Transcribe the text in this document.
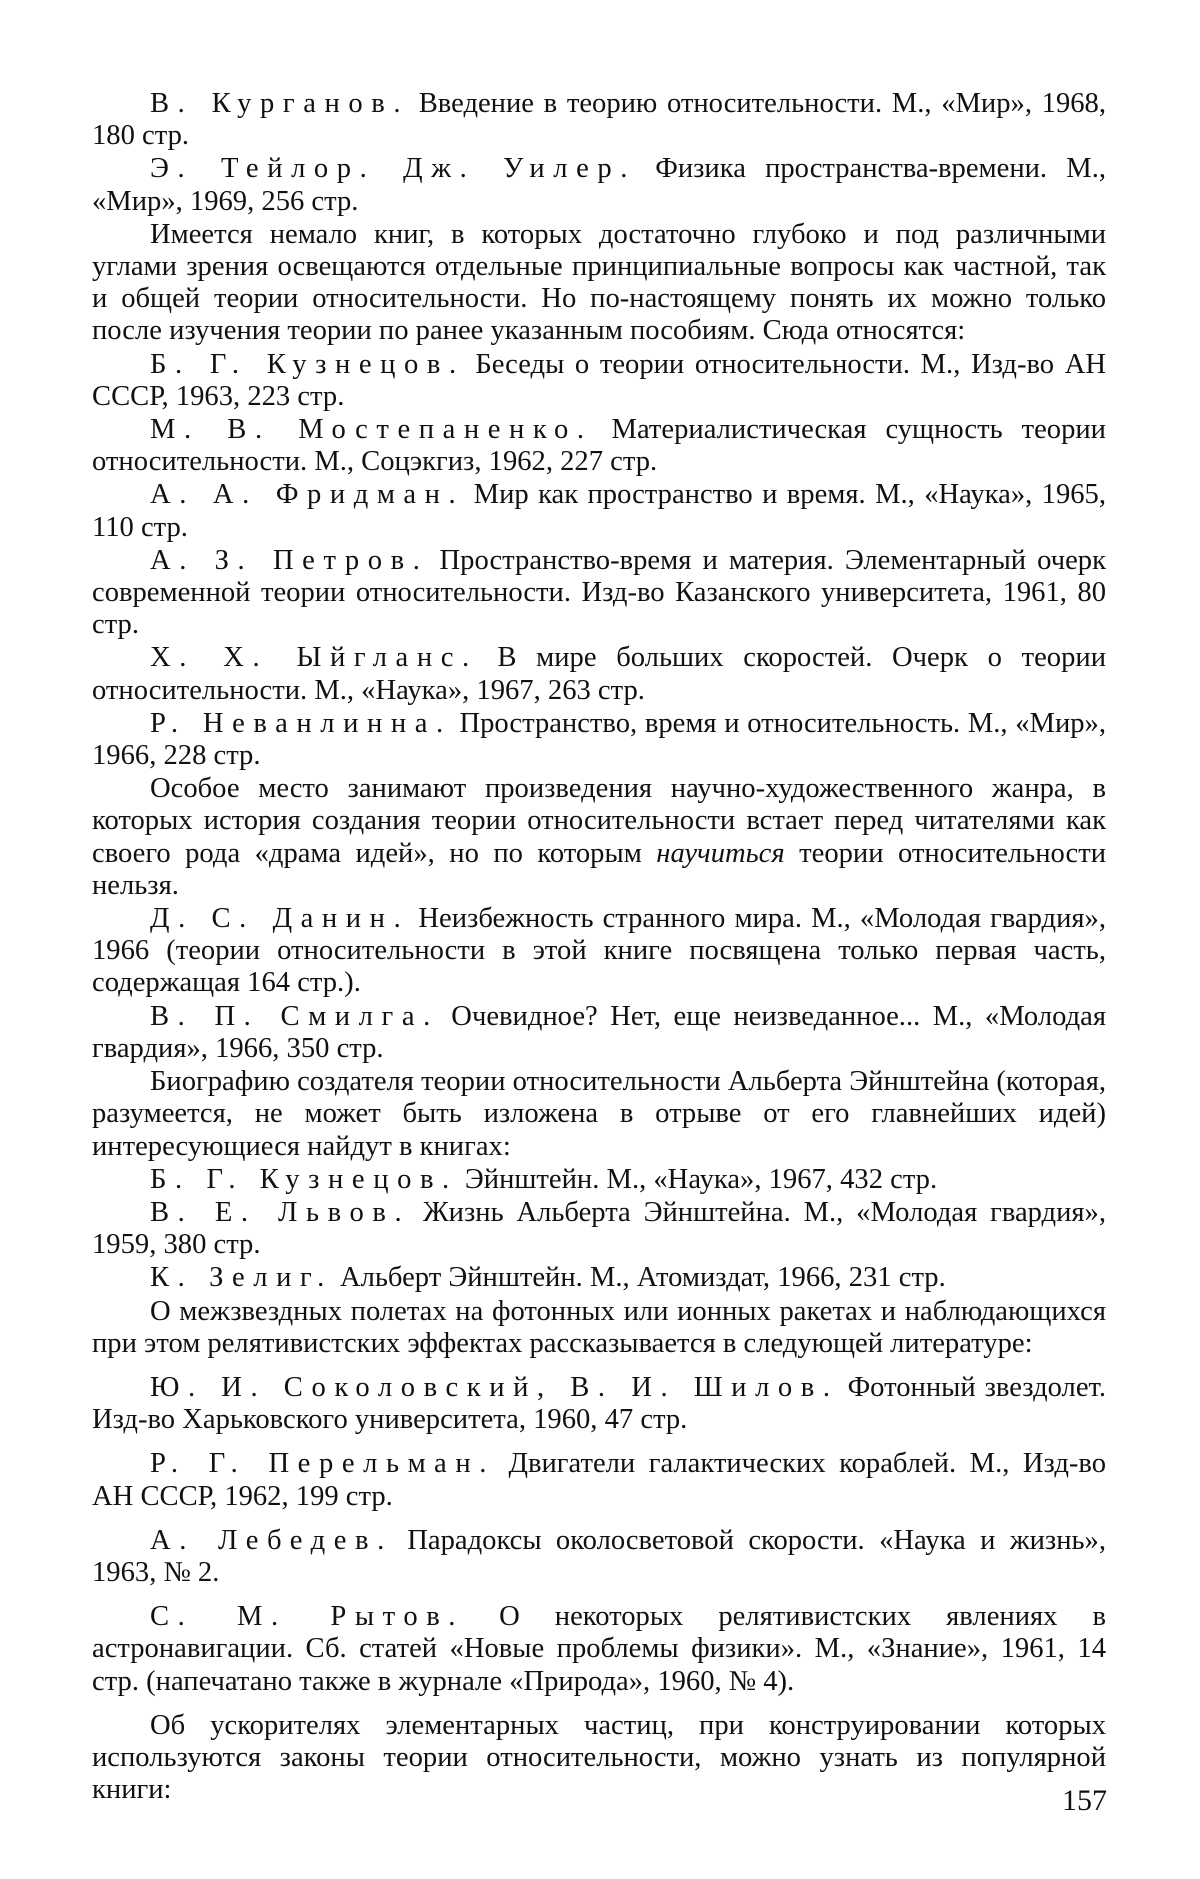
В. Курганов. Введение в теорию относительности. М., «Мир», 1968, 180 стр.

Э. Тейлор. Дж. Уилер. Физика пространства-времени. М., «Мир», 1969, 256 стр.

Имеется немало книг, в которых достаточно глубоко и под различными углами зрения освещаются отдельные принципиальные вопросы как частной, так и общей теории относительности. Но по-настоящему понять их можно только после изучения теории по ранее указанным пособиям. Сюда относятся:

Б. Г. Кузнецов. Беседы о теории относительности. М., Изд-во АН СССР, 1963, 223 стр.

М. В. Мостепаненко. Материалистическая сущность теории относительности. М., Соцэкгиз, 1962, 227 стр.

А. А. Фридман. Мир как пространство и время. М., «Наука», 1965, 110 стр.

А. З. Петров. Пространство-время и материя. Элементарный очерк современной теории относительности. Изд-во Казанского университета, 1961, 80 стр.

Х. Х. Ыйгланс. В мире больших скоростей. Очерк о теории относительности. М., «Наука», 1967, 263 стр.

Р. Неванлинна. Пространство, время и относительность. М., «Мир», 1966, 228 стр.

Особое место занимают произведения научно-художественного жанра, в которых история создания теории относительности встает перед читателями как своего рода «драма идей», но по которым научиться теории относительности нельзя.

Д. С. Данин. Неизбежность странного мира. М., «Молодая гвардия», 1966 (теории относительности в этой книге посвящена только первая часть, содержащая 164 стр.).

В. П. Смилга. Очевидное? Нет, еще неизведанное... М., «Молодая гвардия», 1966, 350 стр.

Биографию создателя теории относительности Альберта Эйнштейна (которая, разумеется, не может быть изложена в отрыве от его главнейших идей) интересующиеся найдут в книгах:

Б. Г. Кузнецов. Эйнштейн. М., «Наука», 1967, 432 стр.

В. Е. Львов. Жизнь Альберта Эйнштейна. М., «Молодая гвардия», 1959, 380 стр.

К. Зелиг. Альберт Эйнштейн. М., Атомиздат, 1966, 231 стр.

О межзвездных полетах на фотонных или ионных ракетах и наблюдающихся при этом релятивистских эффектах рассказывается в следующей литературе:

Ю. И. Соколовский, В. И. Шилов. Фотонный звездолет. Изд-во Харьковского университета, 1960, 47 стр.

Р. Г. Перельман. Двигатели галактических кораблей. М., Изд-во АН СССР, 1962, 199 стр.

А. Лебедев. Парадоксы околосветовой скорости. «Наука и жизнь», 1963, № 2.

С. М. Рытов. О некоторых релятивистских явлениях в астронавигации. Сб. статей «Новые проблемы физики». М., «Знание», 1961, 14 стр. (напечатано также в журнале «Природа», 1960, № 4).

Об ускорителях элементарных частиц, при конструировании которых используются законы теории относительности, можно узнать из популярной книги:	157
